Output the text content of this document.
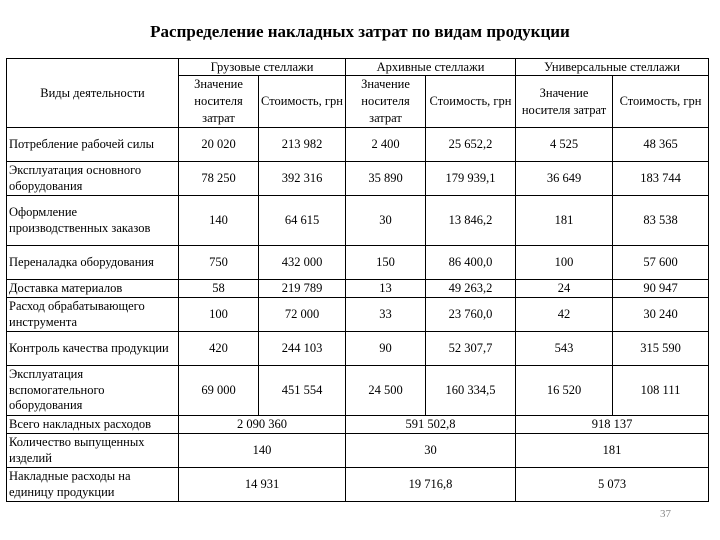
Распределение накладных затрат по видам продукции
Виды деятельности	Грузовые стеллажи		Архивные стеллажи		Универсальные стеллажи	
	Значение носителя затрат	Стоимость, грн	Значение носителя затрат	Стоимость, грн	Значение носителя затрат	Стоимость, грн
Потребление рабочей силы	20 020	213 982	2 400	25 652,2	4 525	48 365
Эксплуатация основного оборудования	78 250	392 316	35 890	179 939,1	36 649	183 744
Оформление производственных заказов	140	64 615	30	13 846,2	181	83 538
Переналадка оборудования	750	432 000	150	86 400,0	100	57 600
Доставка материалов	58	219 789	13	49 263,2	24	90 947
Расход обрабатывающего инструмента	100	72 000	33	23 760,0	42	30 240
Контроль качества продукции	420	244 103	90	52 307,7	543	315 590
Эксплуатация вспомогательного оборудования	69 000	451 554	24 500	160 334,5	16 520	108 111
Всего накладных расходов	2 090 360		591 502,8		918 137	
Количество выпущенных изделий	140		30		181	
Накладные расходы на единицу продукции	14 931		19 716,8		5 073	
37
